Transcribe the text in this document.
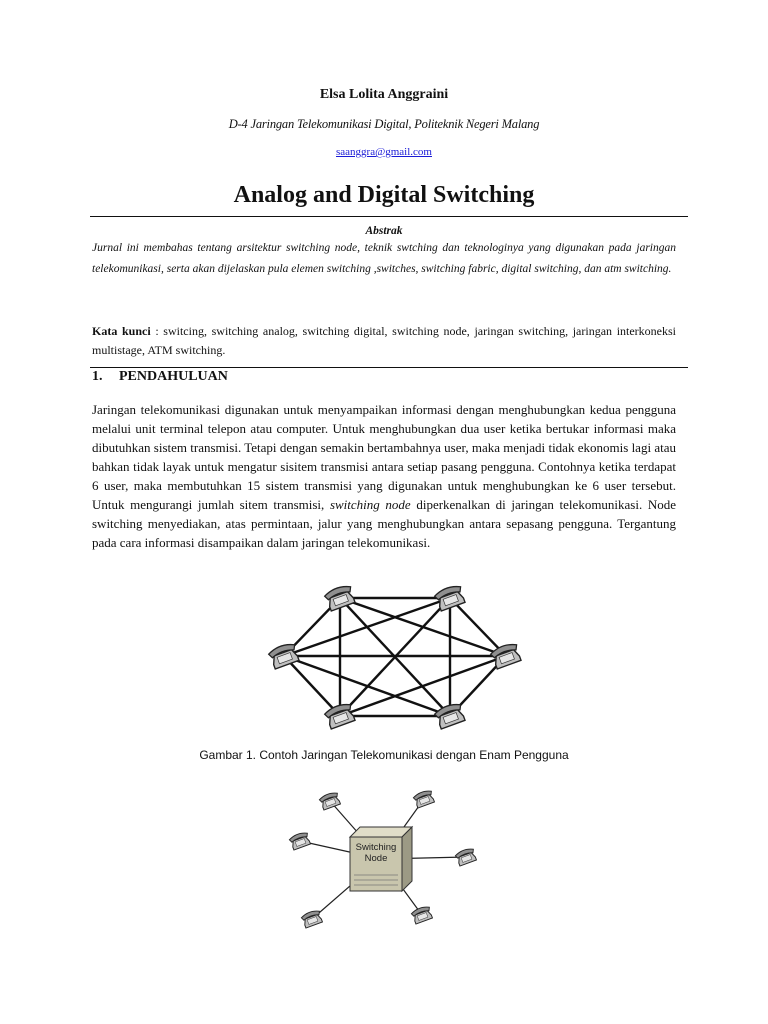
Elsa Lolita Anggraini
D-4 Jaringan Telekomunikasi Digital, Politeknik Negeri Malang
saanggra@gmail.com
Analog and Digital Switching
Abstrak
Jurnal ini membahas tentang arsitektur switching node, teknik swtching dan teknologinya yang digunakan pada jaringan telekomunikasi, serta akan dijelaskan pula elemen switching ,switches, switching fabric, digital switching, dan atm switching.
Kata kunci : switcing, switching analog, switching digital, switching node, jaringan switching, jaringan interkoneksi multistage, ATM switching.
1. PENDAHULUAN
Jaringan telekomunikasi digunakan untuk menyampaikan informasi dengan menghubungkan kedua pengguna melalui unit terminal telepon atau computer. Untuk menghubungkan dua user ketika bertukar informasi maka dibutuhkan sistem transmisi. Tetapi dengan semakin bertambahnya user, maka menjadi tidak ekonomis lagi atau bahkan tidak layak untuk mengatur sisitem transmisi antara setiap pasang pengguna. Contohnya ketika terdapat 6 user, maka membutuhkan 15 sistem transmisi yang digunakan untuk menghubungkan ke 6 user tersebut. Untuk mengurangi jumlah sitem transmisi, switching node diperkenalkan di jaringan telekomunikasi. Node switching menyediakan, atas permintaan, jalur yang menghubungkan antara sepasang pengguna. Tergantung pada cara informasi disampaikan dalam jaringan telekomunikasi.
Gambar 1. Contoh Jaringan Telekomunikasi dengan Enam Pengguna
Switching
Node
